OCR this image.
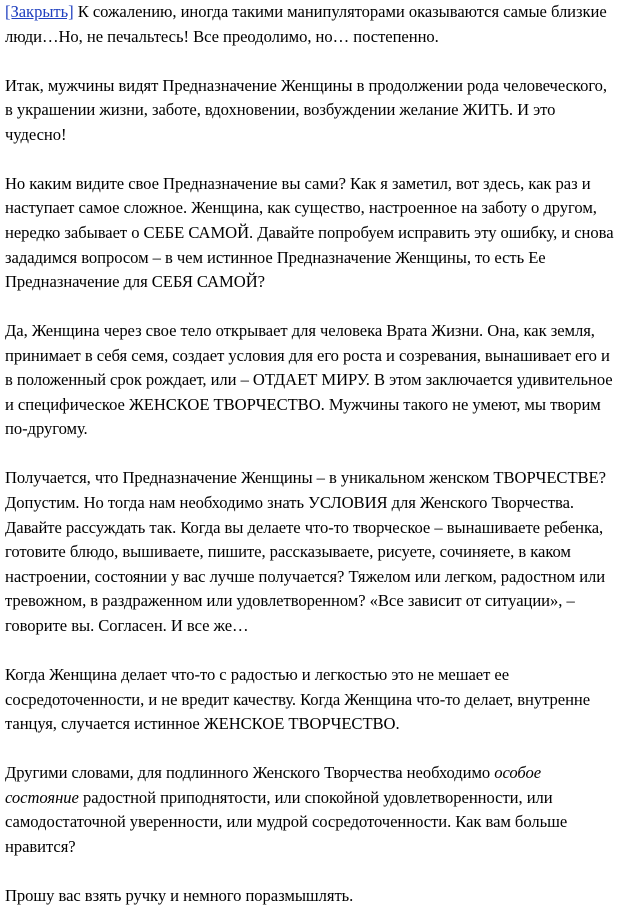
[Закрыть] К сожалению, иногда такими манипуляторами оказываются самые близкие люди…Но, не печальтесь! Все преодолимо, но… постепенно.

Итак, мужчины видят Предназначение Женщины в продолжении рода человеческого, в украшении жизни, заботе, вдохновении, возбуждении желание ЖИТЬ. И это чудесно!

Но каким видите свое Предназначение вы сами? Как я заметил, вот здесь, как раз и наступает самое сложное. Женщина, как существо, настроенное на заботу о другом, нередко забывает о СЕБЕ САМОЙ. Давайте попробуем исправить эту ошибку, и снова зададимся вопросом – в чем истинное Предназначение Женщины, то есть Ее Предназначение для СЕБЯ САМОЙ?

Да, Женщина через свое тело открывает для человека Врата Жизни. Она, как земля, принимает в себя семя, создает условия для его роста и созревания, вынашивает его и в положенный срок рождает, или – ОТДАЕТ МИРУ. В этом заключается удивительное и специфическое ЖЕНСКОЕ ТВОРЧЕСТВО. Мужчины такого не умеют, мы творим по-другому.

Получается, что Предназначение Женщины – в уникальном женском ТВОРЧЕСТВЕ? Допустим. Но тогда нам необходимо знать УСЛОВИЯ для Женского Творчества. Давайте рассуждать так. Когда вы делаете что-то творческое – вынашиваете ребенка, готовите блюдо, вышиваете, пишите, рассказываете, рисуете, сочиняете, в каком настроении, состоянии у вас лучше получается? Тяжелом или легком, радостном или тревожном, в раздраженном или удовлетворенном? «Все зависит от ситуации», – говорите вы. Согласен. И все же…

Когда Женщина делает что-то с радостью и легкостью это не мешает ее сосредоточенности, и не вредит качеству. Когда Женщина что-то делает, внутренне танцуя, случается истинное ЖЕНСКОЕ ТВОРЧЕСТВО.

Другими словами, для подлинного Женского Творчества необходимо особое состояние радостной приподнятости, или спокойной удовлетворенности, или самодостаточной уверенности, или мудрой сосредоточенности. Как вам больше нравится?

Прошу вас взять ручку и немного поразмышлять.
